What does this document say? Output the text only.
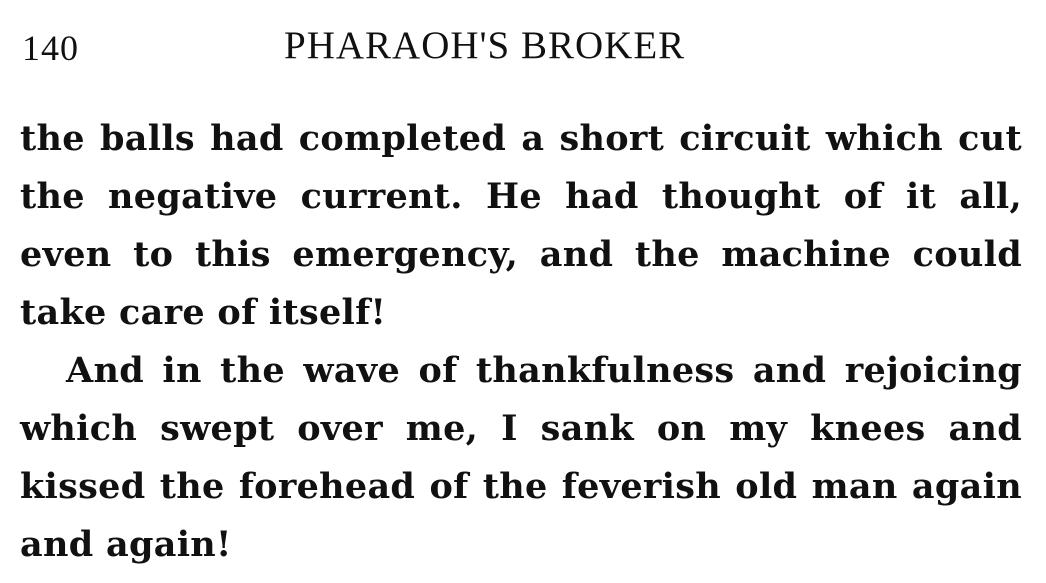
140	PHARAOH'S BROKER
the balls had completed a short circuit which cut
the negative current. He had thought of it all,
even to this emergency, and the machine could
take care of itself!
And in the wave of thankfulness and rejoicing
which swept over me, I sank on my knees and
kissed the forehead of the feverish old man again
and again!
